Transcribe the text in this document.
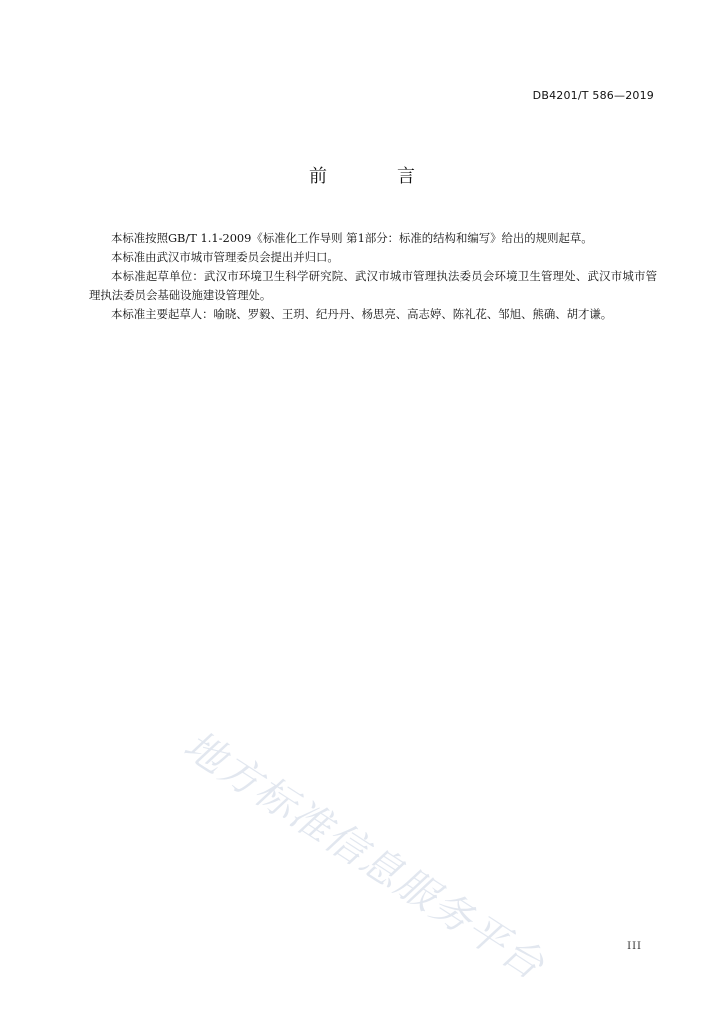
DB4201/T 586—2019
前　言

本标准按照GB/T 1.1-2009《标准化工作导则 第1部分：标准的结构和编写》给出的规则起草。

本标准由武汉市城市管理委员会提出并归口。

本标准起草单位：武汉市环境卫生科学研究院、武汉市城市管理执法委员会环境卫生管理处、武汉市城市管理执法委员会基础设施建设管理处。

本标准主要起草人：喻晓、罗毅、王玥、纪丹丹、杨思亮、高志婷、陈礼花、邹旭、熊确、胡才谦。

地方标准信息服务平台	III
